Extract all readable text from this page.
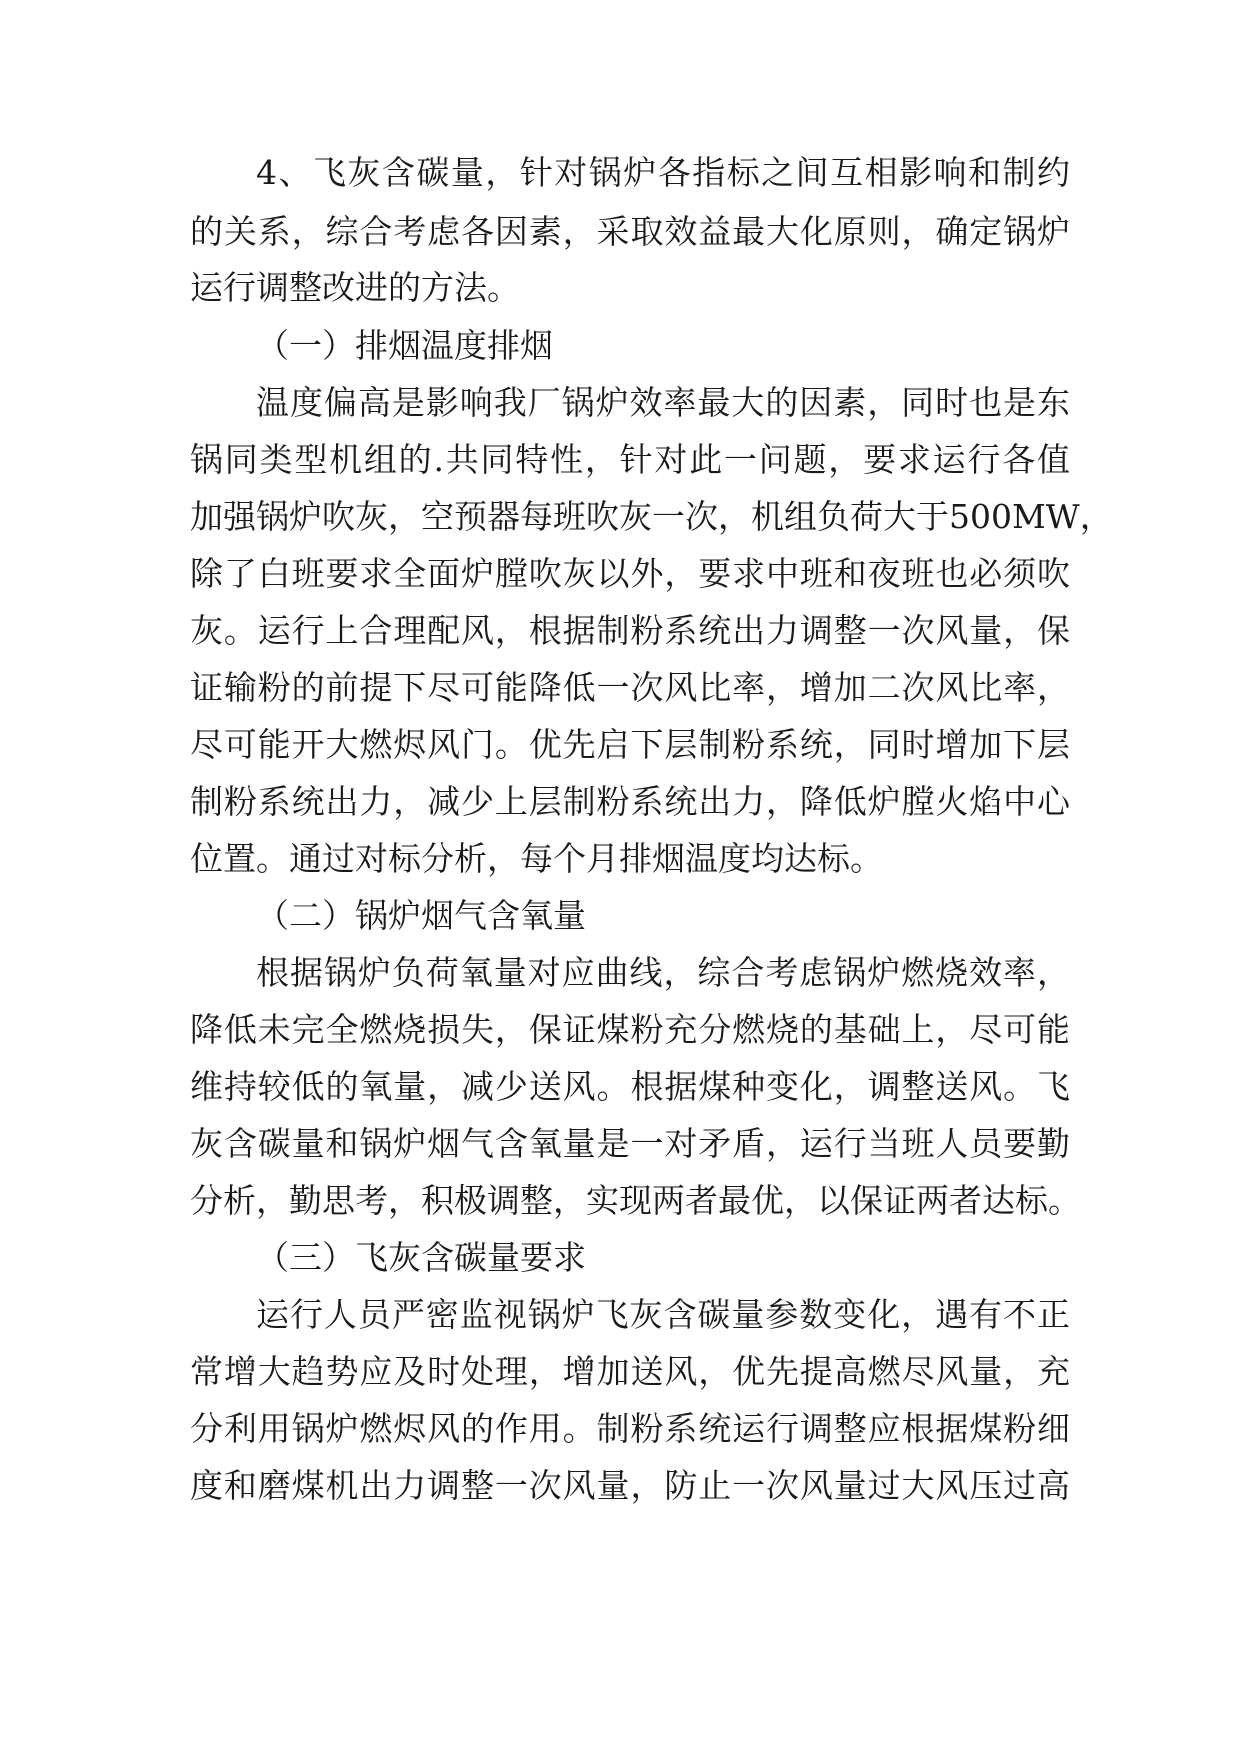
4、飞灰含碳量，针对锅炉各指标之间互相影响和制约
的关系，综合考虑各因素，采取效益最大化原则，确定锅炉
运行调整改进的方法。
（一）排烟温度排烟
温度偏高是影响我厂锅炉效率最大的因素，同时也是东
锅同类型机组的.共同特性，针对此一问题，要求运行各值
加强锅炉吹灰，空预器每班吹灰一次，机组负荷大于500MW，
除了白班要求全面炉膛吹灰以外，要求中班和夜班也必须吹
灰。运行上合理配风，根据制粉系统出力调整一次风量，保
证输粉的前提下尽可能降低一次风比率，增加二次风比率，
尽可能开大燃烬风门。优先启下层制粉系统，同时增加下层
制粉系统出力，减少上层制粉系统出力，降低炉膛火焰中心
位置。通过对标分析，每个月排烟温度均达标。
（二）锅炉烟气含氧量
根据锅炉负荷氧量对应曲线，综合考虑锅炉燃烧效率，
降低未完全燃烧损失，保证煤粉充分燃烧的基础上，尽可能
维持较低的氧量，减少送风。根据煤种变化，调整送风。飞
灰含碳量和锅炉烟气含氧量是一对矛盾，运行当班人员要勤
分析，勤思考，积极调整，实现两者最优，以保证两者达标。
（三）飞灰含碳量要求
运行人员严密监视锅炉飞灰含碳量参数变化，遇有不正
常增大趋势应及时处理，增加送风，优先提高燃尽风量，充
分利用锅炉燃烬风的作用。制粉系统运行调整应根据煤粉细
度和磨煤机出力调整一次风量，防止一次风量过大风压过高
